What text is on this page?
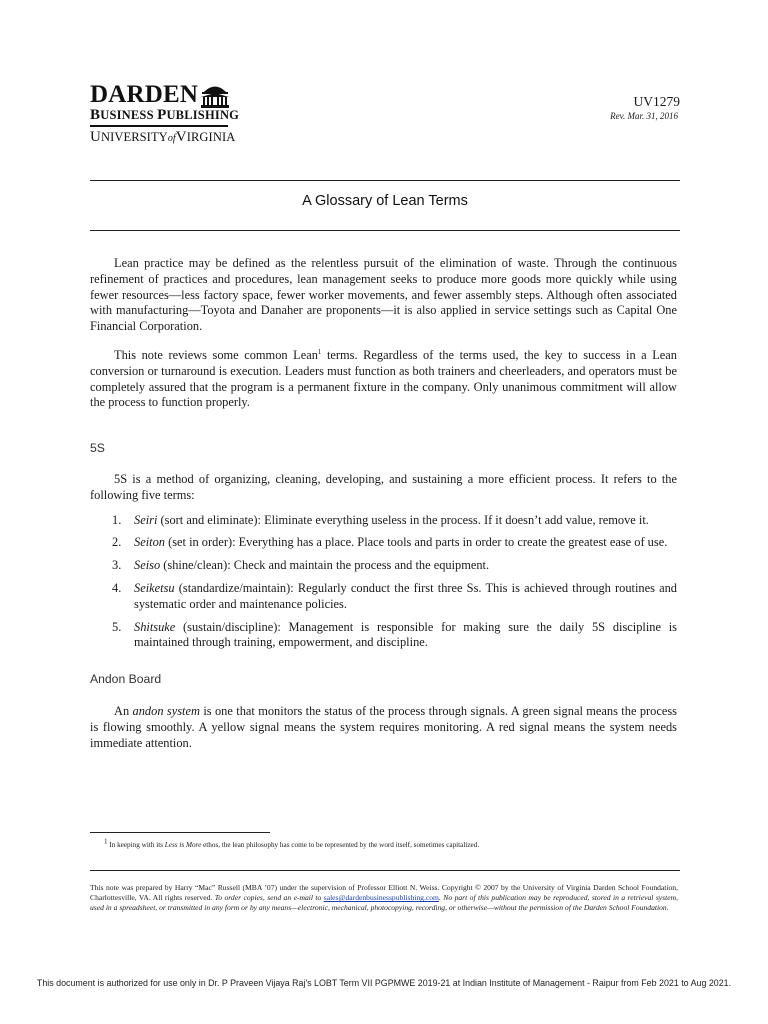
DARDEN
BUSINESS PUBLISHING
UNIVERSITYofVIRGINIA
UV1279
Rev. Mar. 31, 2016
A Glossary of Lean Terms

Lean practice may be defined as the relentless pursuit of the elimination of waste. Through the continuous refinement of practices and procedures, lean management seeks to produce more goods more quickly while using fewer resources—less factory space, fewer worker movements, and fewer assembly steps. Although often associated with manufacturing—Toyota and Danaher are proponents—it is also applied in service settings such as Capital One Financial Corporation.

This note reviews some common Lean$^1$ terms. Regardless of the terms used, the key to success in a Lean conversion or turnaround is execution. Leaders must function as both trainers and cheerleaders, and operators must be completely assured that the program is a permanent fixture in the company. Only unanimous commitment will allow the process to function properly.

5S

5S is a method of organizing, cleaning, developing, and sustaining a more efficient process. It refers to the following five terms:

1.	Seiri (sort and eliminate): Eliminate everything useless in the process. If it doesn’t add value, remove it.
2.	Seiton (set in order): Everything has a place. Place tools and parts in order to create the greatest ease of use.
3.	Seiso (shine/clean): Check and maintain the process and the equipment.
4.	Seiketsu (standardize/maintain): Regularly conduct the first three Ss. This is achieved through routines and systematic order and maintenance policies.
5.	Shitsuke (sustain/discipline): Management is responsible for making sure the daily 5S discipline is maintained through training, empowerment, and discipline.
Andon Board

An andon system is one that monitors the status of the process through signals. A green signal means the process is flowing smoothly. A yellow signal means the system requires monitoring. A red signal means the system needs immediate attention.

$^1$ In keeping with its Less is More ethos, the lean philosophy has come to be represented by the word itself, sometimes capitalized.
This note was prepared by Harry “Mac” Russell (MBA ’07) under the supervision of Professor Elliott N. Weiss. Copyright © 2007 by the University of Virginia Darden School Foundation, Charlottesville, VA. All rights reserved. To order copies, send an e-mail to sales@dardenbusinesspublishing.com. No part of this publication may be reproduced, stored in a retrieval system, used in a spreadsheet, or transmitted in any form or by any means—electronic, mechanical, photocopying, recording, or otherwise—without the permission of the Darden School Foundation.
This document is authorized for use only in Dr. P Praveen Vijaya Raj's LOBT Term VII PGPMWE 2019-21 at Indian Institute of Management - Raipur from Feb 2021 to Aug 2021.
